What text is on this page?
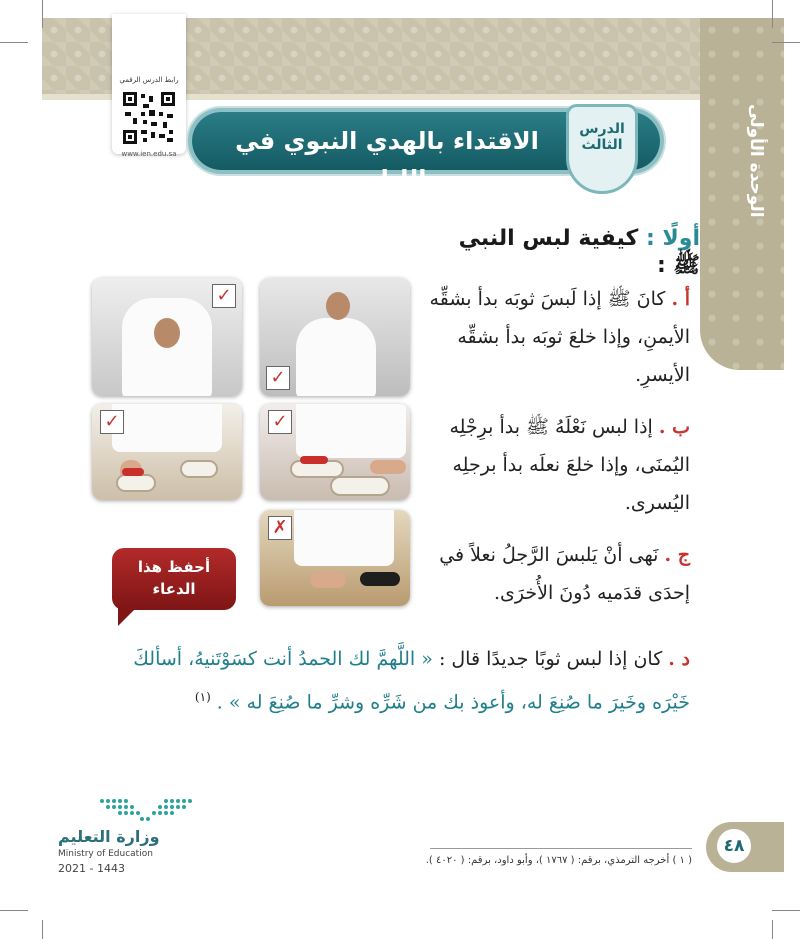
الوحدة الأولى
رابط الدرس الرقمي
www.ien.edu.sa	الاقتداء بالهدي النبوي في اللباس
الدرس
الثالث
أولًا : كيفية لبس النبي ﷺ :
أ . كانَ ﷺ إذا لَبسَ ثوبَه بدأ بشقِّه الأيمنِ، وإذا خلعَ ثوبَه بدأ بشقِّه الأيسرِ.
ب . إذا لبس نَعْلَهُ ﷺ بدأ برِجْلِه اليُمنَى، وإذا خلعَ نعلَه بدأ برجلِه اليُسرى.
ج . نَهى أنْ يَلبسَ الرَّجلُ نعلاً في إحدَى قدَميه دُونَ الأُخرَى.
د . كان إذا لبس ثوبًا جديدًا قال : « اللَّهمَّ لك الحمدُ أنت كسَوْتَنيهُ، أسألكَ خَيْرَه وخَيرَ ما صُنِعَ له، وأعوذ بك من شَرِّه وشرِّ ما صُنِعَ له » . $^{(١)}$
✓
✓
✓
✓
✗
أحفظ هذا
الدعاء
وزارة التعليم
Ministry of Education
2021 - 1443
( ١ ) أخرجه الترمذي، برقم: ( ١٧٦٧ )، وأبو داود، برقم: ( ٤٠٢٠ ).
٤٨
